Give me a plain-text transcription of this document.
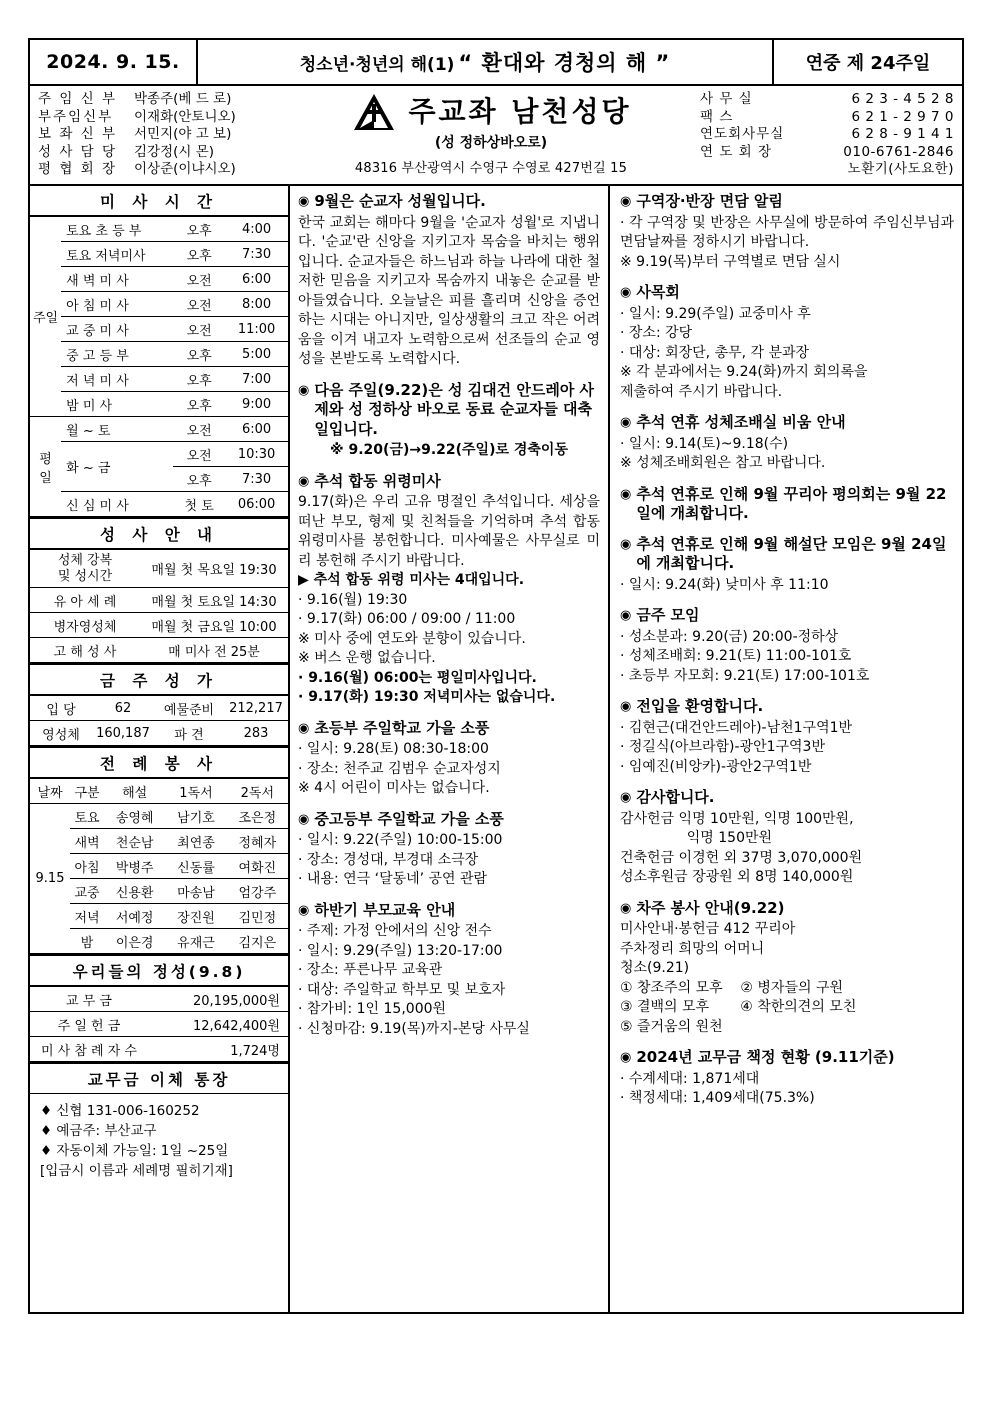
2024. 9. 15.	청소년·청년의 해(1) “ 환대와 경청의 해 ”	연중 제 24주일
주 임 신 부	박종주(베 드 로)
부주임신부	이재화(안토니오)
보 좌 신 부	서민지(야 고 보)
성 사 담 당	김강정(시 몬)
평 협 회 장	이상준(이냐시오)
주교좌 남천성당
(성 정하상바오로)
48316 부산광역시 수영구 수영로 427번길 15
사 무 실	6 2 3 - 4 5 2 8
팩 스	6 2 1 - 2 9 7 0
연도회사무실	6 2 8 - 9 1 4 1
연 도 회 장	010-6761-2846
노환기(사도요한)
미 사 시 간
주일	토요 초 등 부	오후	4:00
	토요 저녁미사	오후	7:30
	새 벽 미 사	오전	6:00
	아 침 미 사	오전	8:00
	교 중 미 사	오전	11:00
	중 고 등 부	오후	5:00
	저 녁 미 사	오후	7:00
	밤 미 사	오후	9:00
평
일	월 ~ 토	오전	6:00
	화 ~ 금	오전	10:30
		오후	7:30
	신 심 미 사	첫 토	06:00
성 사 안 내
성체 강복
및 성시간	매월 첫 목요일 19:30
유 아 세 례	매월 첫 토요일 14:30
병자영성체	매월 첫 금요일 10:00
고 해 성 사	매 미사 전 25분
금 주 성 가
입 당	62	예물준비	212,217
영성체	160,187	파 견	283
전 례 봉 사
날짜	구분	해설	1독서	2독서
9.15	토요	송영혜	남기호	조은정
	새벽	천순남	최연종	정혜자
	아침	박병주	신동률	여화진
	교중	신용환	마송남	엄강주
	저녁	서예정	장진원	김민정
	밤	이은경	유재근	김지은
우리들의 정성(9.8)
교 무 금	20,195,000원
주 일 헌 금	12,642,400원
미 사 참 례 자 수	1,724명
교무금 이체 통장
♦ 신협 131-006-160252
♦ 예금주: 부산교구
♦ 자동이체 가능일: 1일 ~25일
[입금시 이름과 세례명 필히기재]
◉ 9월은 순교자 성월입니다.

한국 교회는 해마다 9월을 '순교자 성월'로 지냅니다. '순교'란 신앙을 지키고자 목숨을 바치는 행위입니다. 순교자들은 하느님과 하늘 나라에 대한 철저한 믿음을 지키고자 목숨까지 내놓은 순교를 받아들였습니다. 오늘날은 피를 흘리며 신앙을 증언하는 시대는 아니지만, 일상생활의 크고 작은 어려움을 이겨 내고자 노력함으로써 선조들의 순교 영성을 본받도록 노력합시다.

◉ 다음 주일(9.22)은 성 김대건 안드레아 사제와 성 정하상 바오로 동료 순교자들 대축일입니다.
※ 9.20(금)→9.22(주일)로 경축이동
◉ 추석 합동 위령미사

9.17(화)은 우리 고유 명절인 추석입니다. 세상을 떠난 부모, 형제 및 친척들을 기억하며 추석 합동 위령미사를 봉헌합니다. 미사예물은 사무실로 미리 봉헌해 주시기 바랍니다.

▶ 추석 합동 위령 미사는 4대입니다.
· 9.16(월) 19:30
· 9.17(화) 06:00 / 09:00 / 11:00
※ 미사 중에 연도와 분향이 있습니다.
※ 버스 운행 없습니다.
· 9.16(월) 06:00는 평일미사입니다.
· 9.17(화) 19:30 저녁미사는 없습니다.
◉ 초등부 주일학교 가을 소풍
· 일시: 9.28(토) 08:30-18:00
· 장소: 천주교 김범우 순교자성지
※ 4시 어린이 미사는 없습니다.
◉ 중고등부 주일학교 가을 소풍
· 일시: 9.22(주일) 10:00-15:00
· 장소: 경성대, 부경대 소극장
· 내용: 연극 ‘달동네’ 공연 관람
◉ 하반기 부모교육 안내
· 주제: 가정 안에서의 신앙 전수
· 일시: 9.29(주일) 13:20-17:00
· 장소: 푸른나무 교육관
· 대상: 주일학교 학부모 및 보호자
· 참가비: 1인 15,000원
· 신청마감: 9.19(목)까지-본당 사무실
◉ 구역장·반장 면담 알림

· 각 구역장 및 반장은 사무실에 방문하여 주임신부님과 면담날짜를 정하시기 바랍니다.

※ 9.19(목)부터 구역별로 면담 실시
◉ 사목회
· 일시: 9.29(주일) 교중미사 후
· 장소: 강당
· 대상: 회장단, 총무, 각 분과장
※ 각 분과에서는 9.24(화)까지 회의록을
제출하여 주시기 바랍니다.
◉ 추석 연휴 성체조배실 비움 안내
· 일시: 9.14(토)~9.18(수)
※ 성체조배회원은 참고 바랍니다.
◉ 추석 연휴로 인해 9월 꾸리아 평의회는 9월 22일에 개최합니다.
◉ 추석 연휴로 인해 9월 해설단 모임은 9월 24일에 개최합니다.
· 일시: 9.24(화) 낮미사 후 11:10
◉ 금주 모임
· 성소분과: 9.20(금) 20:00-정하상
· 성체조배회: 9.21(토) 11:00-101호
· 초등부 자모회: 9.21(토) 17:00-101호
◉ 전입을 환영합니다.
· 김현근(대건안드레아)-남천1구역1반
· 정길식(아브라함)-광안1구역3반
· 임예진(비앙카)-광안2구역1반
◉ 감사합니다.
감사헌금 익명 10만원, 익명 100만원,
익명 150만원
건축헌금 이경헌 외 37명 3,070,000원
성소후원금 장광원 외 8명 140,000원
◉ 차주 봉사 안내(9.22)
미사안내·봉헌금 412 꾸리아
주차정리 희망의 어머니
청소(9.21)
① 창조주의 모후    ② 병자들의 구원
③ 결백의 모후       ④ 착한의견의 모친
⑤ 즐거움의 원천
◉ 2024년 교무금 책정 현황 (9.11기준)
· 수계세대: 1,871세대
· 책정세대: 1,409세대(75.3%)
